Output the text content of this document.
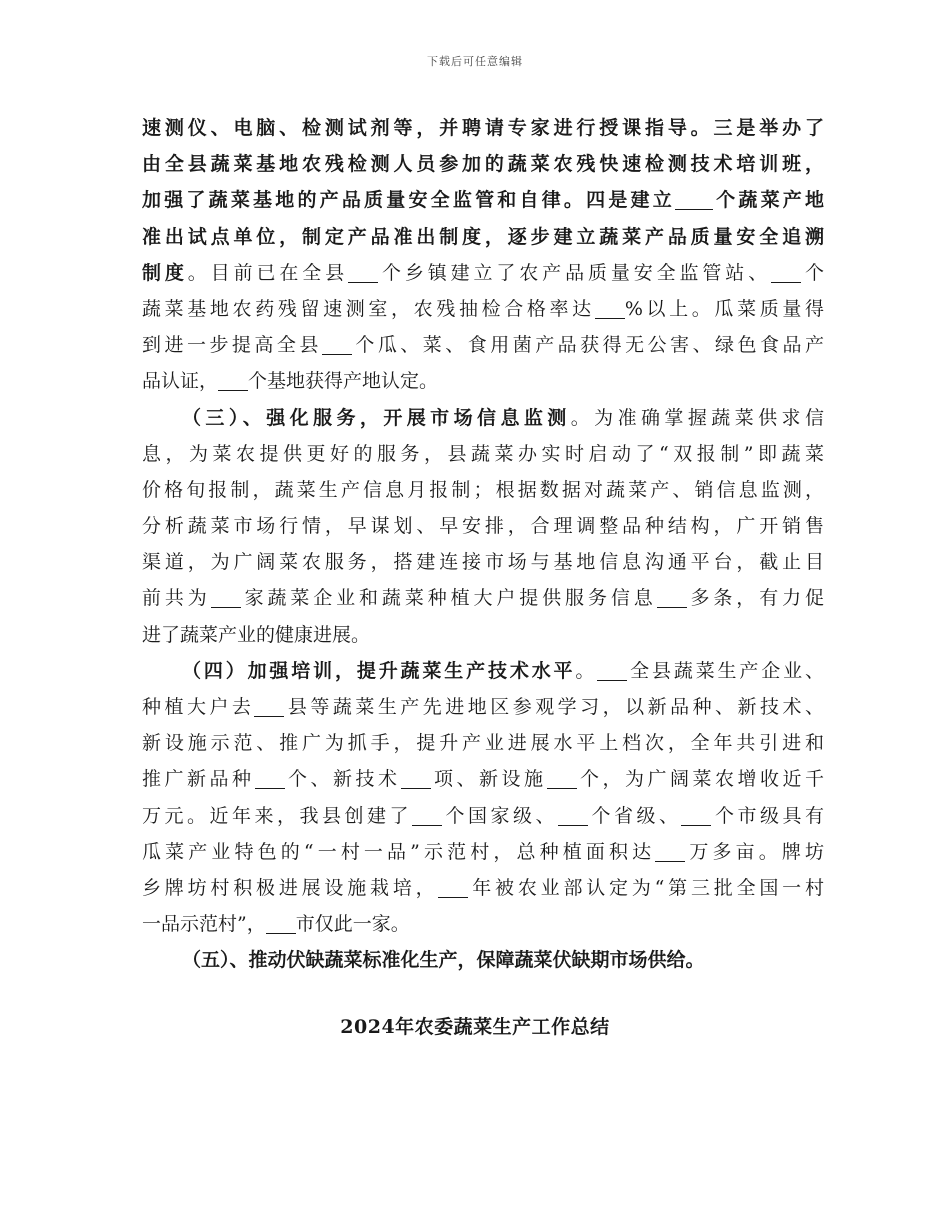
下载后可任意编辑
速测仪、电脑、检测试剂等，并聘请专家进行授课指导。三是举办了
由全县蔬菜基地农残检测人员参加的蔬菜农残快速检测技术培训班，
加强了蔬菜基地的产品质量安全监管和自律。四是建立 个蔬菜产地
准出试点单位，制定产品准出制度，逐步建立蔬菜产品质量安全追溯
制度。目前已在全县 个乡镇建立了农产品质量安全监管站、 个
蔬菜基地农药残留速测室，农残抽检合格率达 %以上。瓜菜质量得
到进一步提高全县 个瓜、菜、食用菌产品获得无公害、绿色食品产
品认证， 个基地获得产地认定。
（三）、强化服务，开展市场信息监测。为准确掌握蔬菜供求信
息，为菜农提供更好的服务，县蔬菜办实时启动了“双报制”即蔬菜
价格旬报制，蔬菜生产信息月报制；根据数据对蔬菜产、销信息监测，
分析蔬菜市场行情，早谋划、早安排，合理调整品种结构，广开销售
渠道，为广阔菜农服务，搭建连接市场与基地信息沟通平台，截止目
前共为 家蔬菜企业和蔬菜种植大户提供服务信息 多条，有力促
进了蔬菜产业的健康进展。
（四）加强培训，提升蔬菜生产技术水平。 全县蔬菜生产企业、
种植大户去 县等蔬菜生产先进地区参观学习，以新品种、新技术、
新设施示范、推广为抓手，提升产业进展水平上档次，全年共引进和
推广新品种 个、新技术 项、新设施 个，为广阔菜农增收近千
万元。近年来，我县创建了 个国家级、 个省级、 个市级具有
瓜菜产业特色的“一村一品”示范村，总种植面积达 万多亩。牌坊
乡牌坊村积极进展设施栽培， 年被农业部认定为“第三批全国一村
一品示范村”， 市仅此一家。
（五）、推动伏缺蔬菜标准化生产，保障蔬菜伏缺期市场供给。
2024年农委蔬菜生产工作总结
